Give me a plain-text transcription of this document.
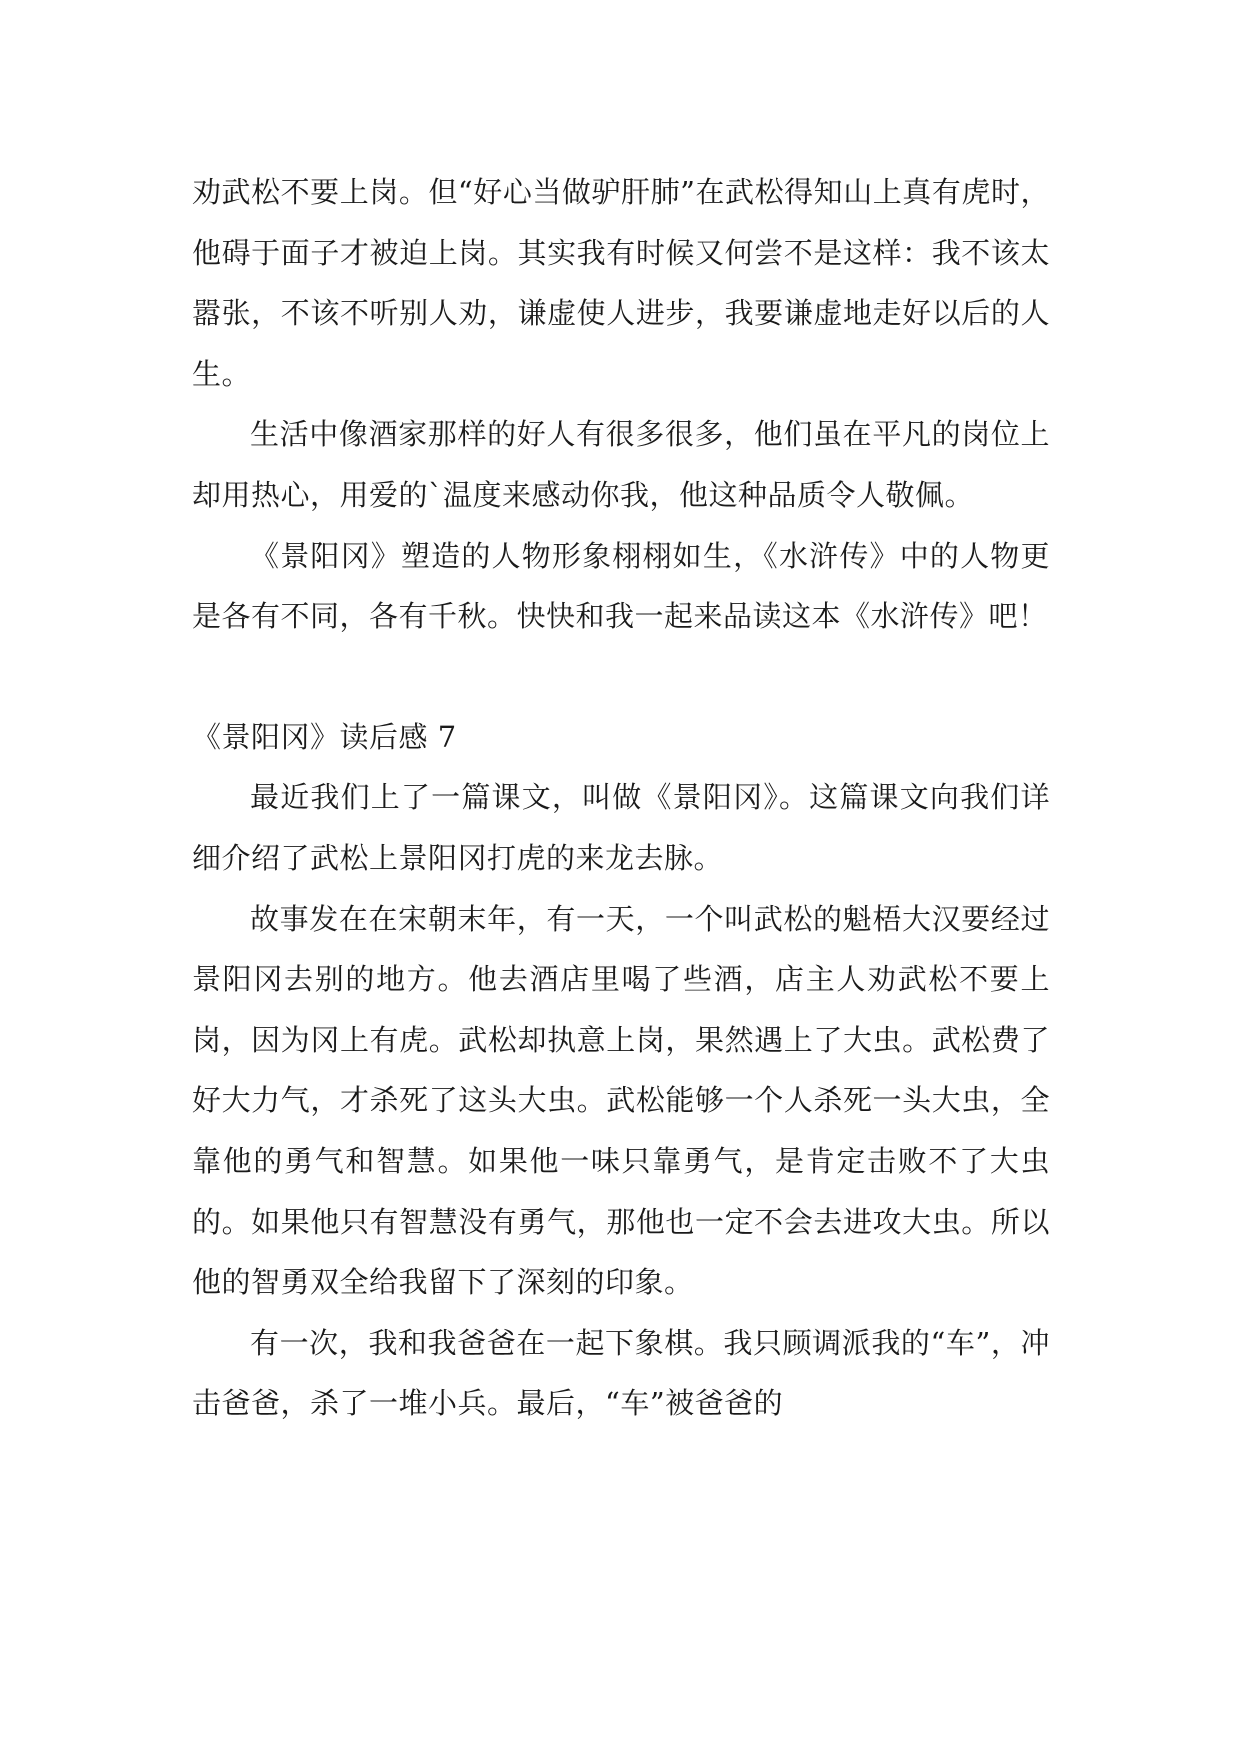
劝武松不要上岗。但“好心当做驴肝肺”在武松得知山上真有虎时，他碍于面子才被迫上岗。其实我有时候又何尝不是这样：我不该太嚣张，不该不听别人劝，谦虚使人进步，我要谦虚地走好以后的人生。

生活中像酒家那样的好人有很多很多，他们虽在平凡的岗位上却用热心，用爱的`温度来感动你我，他这种品质令人敬佩。

《景阳冈》塑造的人物形象栩栩如生，《水浒传》中的人物更是各有不同，各有千秋。快快和我一起来品读这本《水浒传》吧！

《景阳冈》读后感 7

最近我们上了一篇课文，叫做《景阳冈》。这篇课文向我们详细介绍了武松上景阳冈打虎的来龙去脉。

故事发在在宋朝末年，有一天，一个叫武松的魁梧大汉要经过景阳冈去别的地方。他去酒店里喝了些酒，店主人劝武松不要上岗，因为冈上有虎。武松却执意上岗，果然遇上了大虫。武松费了好大力气，才杀死了这头大虫。武松能够一个人杀死一头大虫，全靠他的勇气和智慧。如果他一味只靠勇气，是肯定击败不了大虫的。如果他只有智慧没有勇气，那他也一定不会去进攻大虫。所以他的智勇双全给我留下了深刻的印象。

有一次，我和我爸爸在一起下象棋。我只顾调派我的“车”，冲击爸爸，杀了一堆小兵。最后，“车”被爸爸的
